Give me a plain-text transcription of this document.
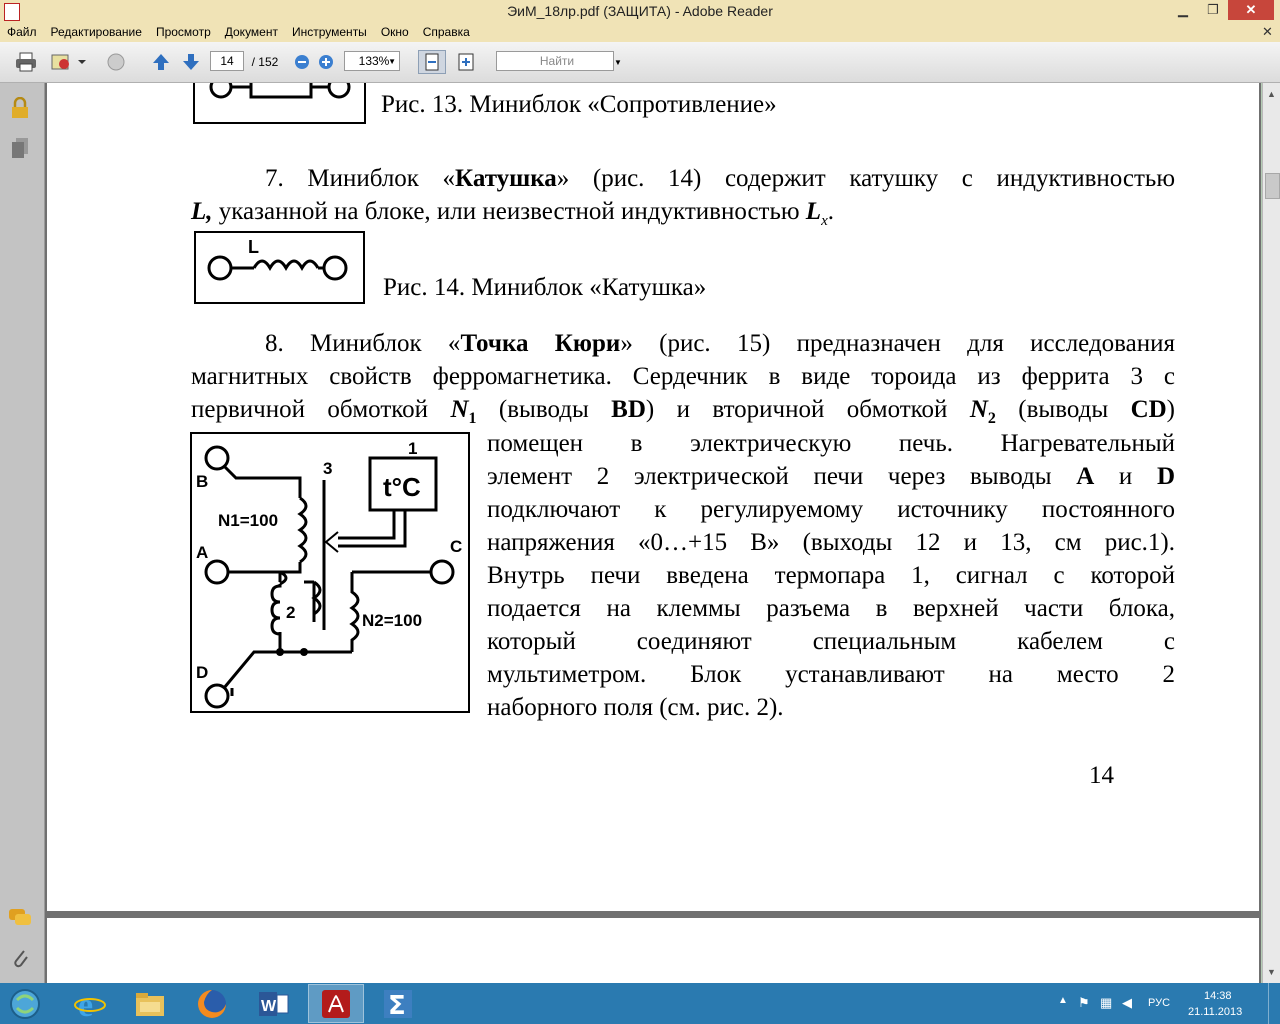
ЭиМ_18лр.pdf (ЗАЩИТА) - Adobe Reader	▁	❐	✕
Файл	Редактирование	Просмотр	Документ	Инструменты	Окно	Справка	✕
14	/ 152	133%
▼	Найти	▼
Рис. 13. Миниблок «Сопротивление»
7. Миниблок «Катушка» (рис. 14) содержит катушку с индуктивностью
L, указанной на блоке, или неизвестной индуктивностью $L_x$.
L
Рис. 14. Миниблок «Катушка»
8. Миниблок «Точка Кюри» (рис. 15) предназначен для исследования
магнитных свойств ферромагнетика. Сердечник в виде тороида из феррита 3 с
первичной обмоткой $N_1$ (выводы BD) и вторичной обмоткой $N_2$ (выводы CD)
помещен в электрическую печь. Нагревательный
элемент 2 электрической печи через выводы A и D
подключают к регулируемому источнику постоянного
напряжения «0…+15 В» (выходы 12 и 13, см рис.1).
Внутрь печи введена термопара 1, сигнал с которой
подается на клеммы разъема в верхней части блока,
который соединяют специальным кабелем с
мультиметром. Блок устанавливают на место 2
наборного поля (см. рис. 2).
B
A	C
D
N1=100
N2=100
3
1
2
t°C
14
▲
▼
e	W	Σ	▲ ⚑ ▦ ◀ РУС
14:38
21.11.2013
